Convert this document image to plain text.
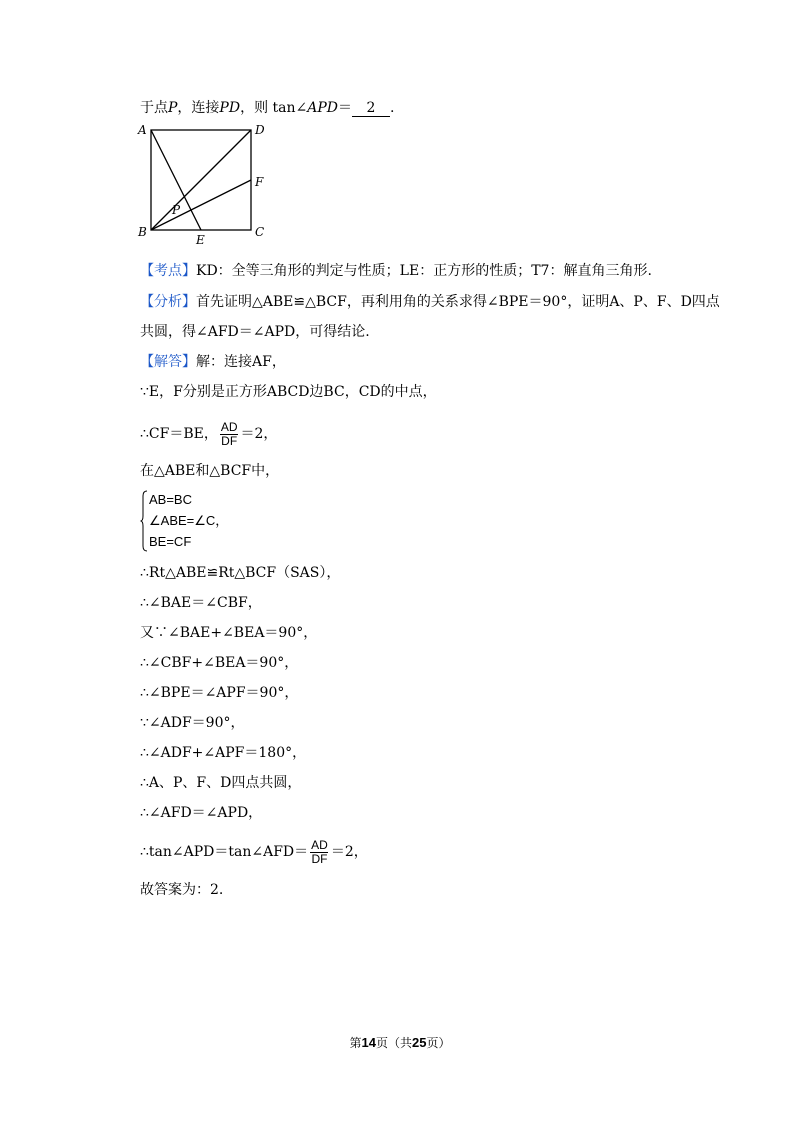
于点P，连接PD，则 tan∠APD＝ 2 .
A	D
F
P
B
E
C
【考点】KD：全等三角形的判定与性质；LE：正方形的性质；T7：解直角三角形.
【分析】首先证明△ABE≌△BCF，再利用角的关系求得∠BPE＝90°，证明A、P、F、D四点
共圆，得∠AFD＝∠APD，可得结论.
【解答】解：连接AF，
∵E，F分别是正方形ABCD边BC，CD的中点，
∴CF＝BE， $\frac{AD}{DF} =2$，
在△ABE和△BCF中，
AB=BC
∠ABE=∠C，
BE=CF
∴Rt△ABE≌Rt△BCF（SAS），
∴∠BAE＝∠CBF，
又∵∠BAE+∠BEA＝90°，
∴∠CBF+∠BEA＝90°，
∴∠BPE＝∠APF＝90°，
∵∠ADF＝90°，
∴∠ADF+∠APF＝180°，
∴A、P、F、D四点共圆，
∴∠AFD＝∠APD，
∴tan∠APD＝tan∠AFD＝ $\frac{AD}{DF} =2$，
故答案为：2.
第14页（共25页）
